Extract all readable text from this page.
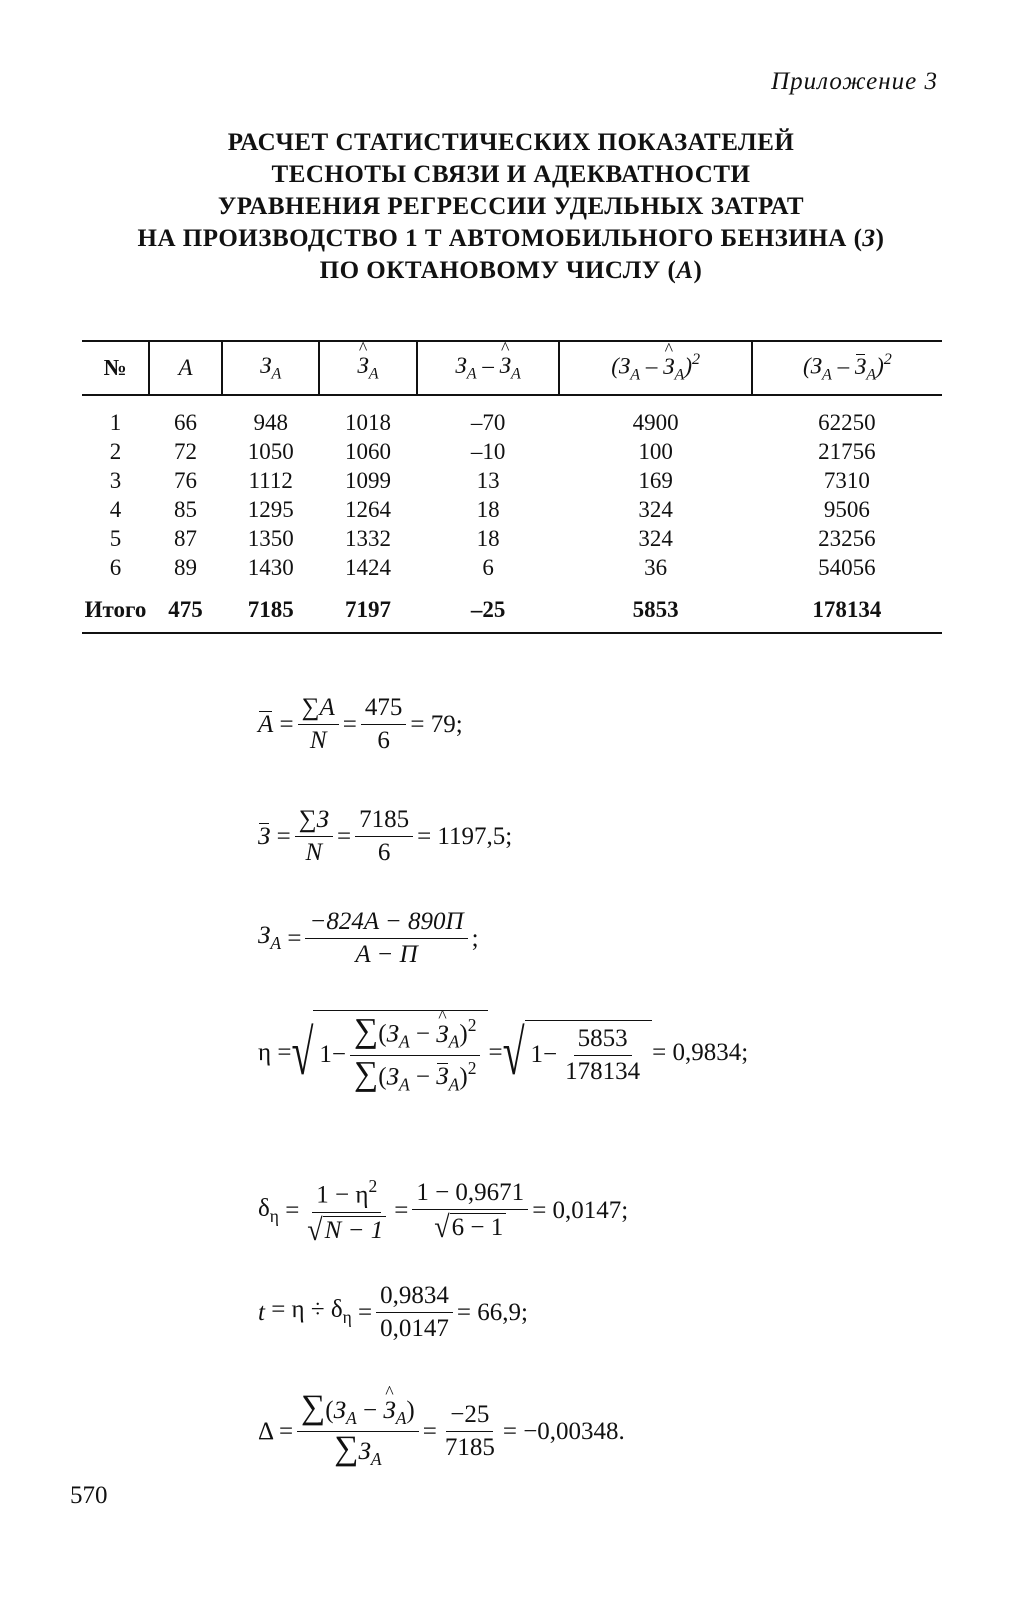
Приложение 3
РАСЧЕТ СТАТИСТИЧЕСКИХ ПОКАЗАТЕЛЕЙ
ТЕСНОТЫ СВЯЗИ И АДЕКВАТНОСТИ
УРАВНЕНИЯ РЕГРЕССИИ УДЕЛЬНЫХ ЗАТРАТ
НА ПРОИЗВОДСТВО 1 Т АВТОМОБИЛЬНОГО БЕНЗИНА (З)
ПО ОКТАНОВОМУ ЧИСЛУ (А)
№	А	$З_А$	^ $З_А$	$З_А$ – ^ $З_А$	($З_А$ – ^ $З_А)^2$	$(З_А - З_А)^2$
1	66	948	1018	–70	4900	62250
2	72	1050	1060	–10	100	21756
3	76	1112	1099	13	169	7310
4	85	1295	1264	18	324	9506
5	87	1350	1332	18	324	23256
6	89	1430	1424	6	36	54056
Итого	475	7185	7197	–25	5853	178134
$A = \frac{\sum A}{N} = \frac{475}{6} = 79$;
$З = \frac{\sum З}{N} = \frac{7185}{6} = 1197,5$;
$З_A = \frac{-824A - 890П}{A - П}$ ;
η = √ $1- \frac{\sum(З_A - \^{} З_A)^2}{\sum(З_A - З_A)^2}$ = √ $1- \frac{5853}{178134} = 0,9834$;
$\delta_\eta = \frac{1 - \eta^2}{√ N - 1} = \frac{1 - 0,9671}{√ 6 - 1} = 0,0147$;
t
= $\eta \div \delta_\eta = \frac{0,9834}{0,0147} = 66,9$;
$\Delta = \frac{\sum(З_A - \^{} З_A)}{\sum З_A} = \frac{-25}{7185} = -0,00348$.
570
